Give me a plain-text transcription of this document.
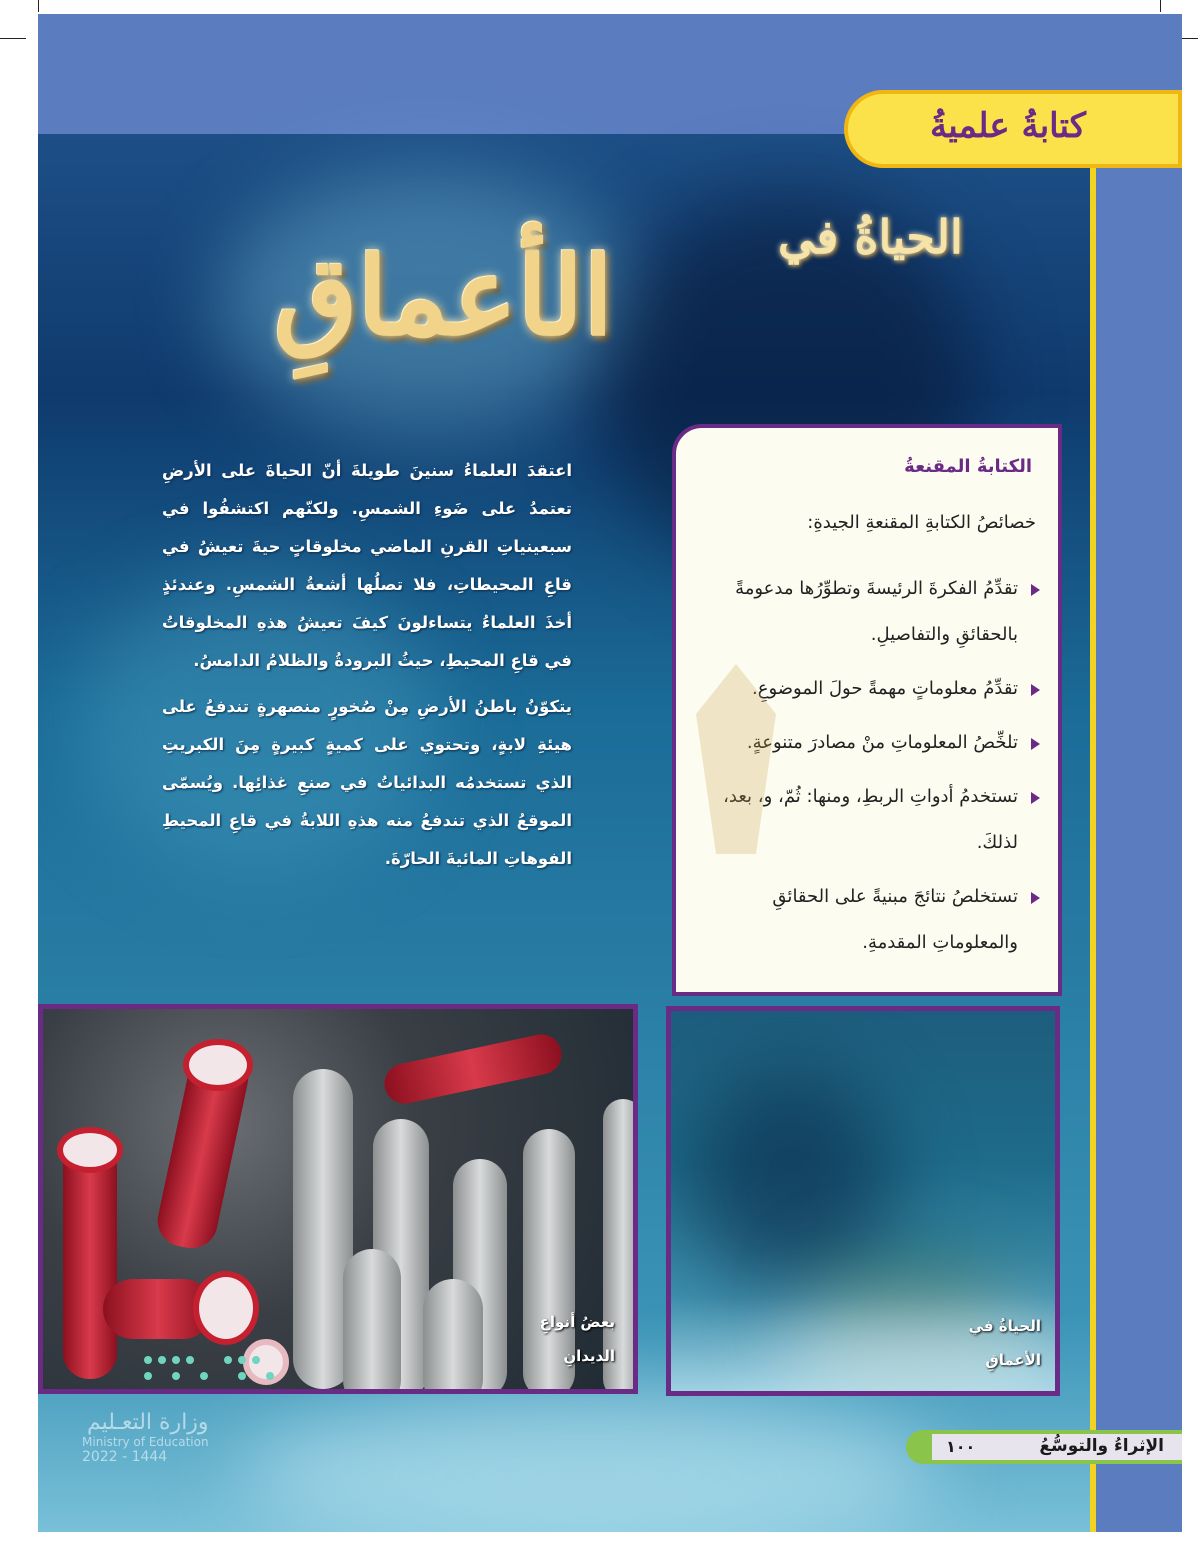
كتابةُ علميةُ
الحياةُ ﻓﻲ
الأعماقِ

اعتقدَ العلماءُ سنينَ طويلةَ أنّ الحياةَ على الأرضِ تعتمدُ على ضَوءِ الشمسِ. ولكنّهم اكتشفُوا ﻓﻲ سبعينياتِ القرنِ الماضي مخلوقاتٍ حيةَ تعيشُ ﻓﻲ قاعِ المحيطاتِ، فلا تصلُها أشعةُ الشمسِ. وعندئذٍ أخذَ العلماءُ يتساءلونَ كيفَ تعيشُ هذهِ المخلوقاتُ ﻓﻲ قاعِ المحيطِ، حيثُ البرودةُ والظلامُ الدامسُ.

يتكوّنُ باطنُ الأرضِ مِنْ صُخورٍ منصهرةٍ تندفعُ على هيئةِ لابةٍ، وتحتوي على كميةٍ كبيرةٍ مِنَ الكبريتِ الذي تستخدمُه البدائياتُ ﻓﻲ صنعِ غذائِها. ويُسمّى الموقعُ الذي تندفعُ منه هذهِ اللابةُ ﻓﻲ قاعِ المحيطِ الفوهاتِ المائيةَ الحارّةَ.

الكتابةُ المقنعةُ
خصائصُ الكتابةِ المقنعةِ الجيدةِ:
تقدِّمُ الفكرةَ الرئيسةَ وتطوِّرُها مدعومةً بالحقائقِ والتفاصيلِ.
تقدِّمُ معلوماتٍ مهمةً حولَ الموضوعِ.
تلخِّصُ المعلوماتِ منْ مصادرَ متنوعةٍ.
تستخدمُ أدواتِ الربطِ، ومنها: ثُمّ، و، بعد، لذلكَ.
تستخلصُ نتائجَ مبنيةً على الحقائقِ والمعلوماتِ المقدمةِ.
بعضُ أنواعِ
الديدانِ
الحياةُ في
الأعماقِ
وزارة التعـليم
Ministry of Education
2022 - 1444
الإثراءُ والتوسُّعُ
١٠٠
